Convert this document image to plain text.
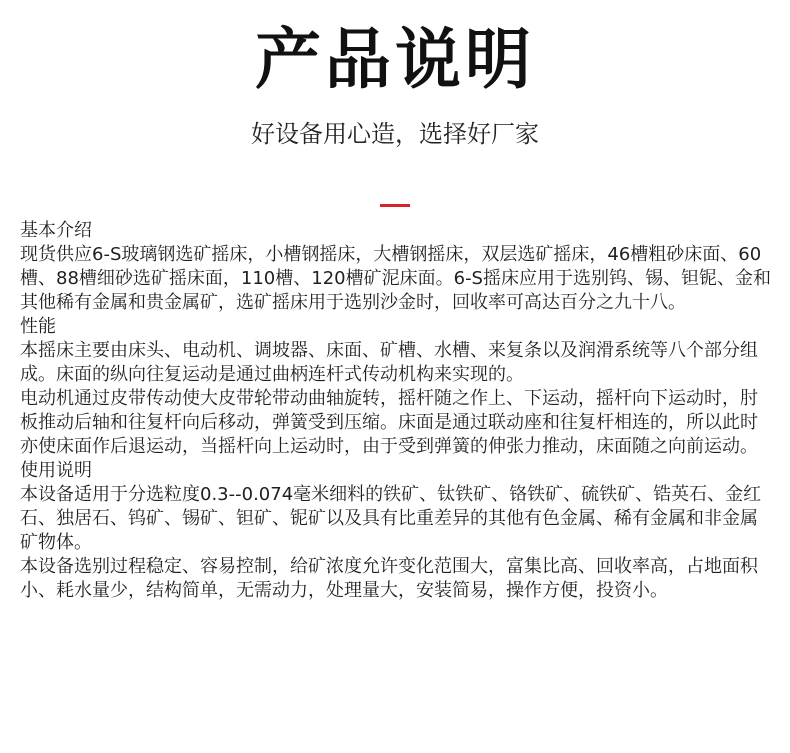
产品说明
好设备用心造，选择好厂家

基本介绍

现货供应6-S玻璃钢选矿摇床，小槽钢摇床，大槽钢摇床，双层选矿摇床，46槽粗砂床面、60槽、88槽细砂选矿摇床面，110槽、120槽矿泥床面。6-S摇床应用于选别钨、锡、钽铌、金和其他稀有金属和贵金属矿，选矿摇床用于选别沙金时，回收率可高达百分之九十八。

性能

本摇床主要由床头、电动机、调坡器、床面、矿槽、水槽、来复条以及润滑系统等八个部分组成。床面的纵向往复运动是通过曲柄连杆式传动机构来实现的。

电动机通过皮带传动使大皮带轮带动曲轴旋转，摇杆随之作上、下运动，摇杆向下运动时，肘板推动后轴和往复杆向后移动，弹簧受到压缩。床面是通过联动座和往复杆相连的，所以此时亦使床面作后退运动，当摇杆向上运动时，由于受到弹簧的伸张力推动，床面随之向前运动。

使用说明

本设备适用于分选粒度0.3--0.074毫米细料的铁矿、钛铁矿、铬铁矿、硫铁矿、锆英石、金红石、独居石、钨矿、锡矿、钽矿、铌矿以及具有比重差异的其他有色金属、稀有金属和非金属矿物体。

本设备选别过程稳定、容易控制，给矿浓度允许变化范围大，富集比高、回收率高，占地面积小、耗水量少，结构简单，无需动力，处理量大，安装简易，操作方便，投资小。
